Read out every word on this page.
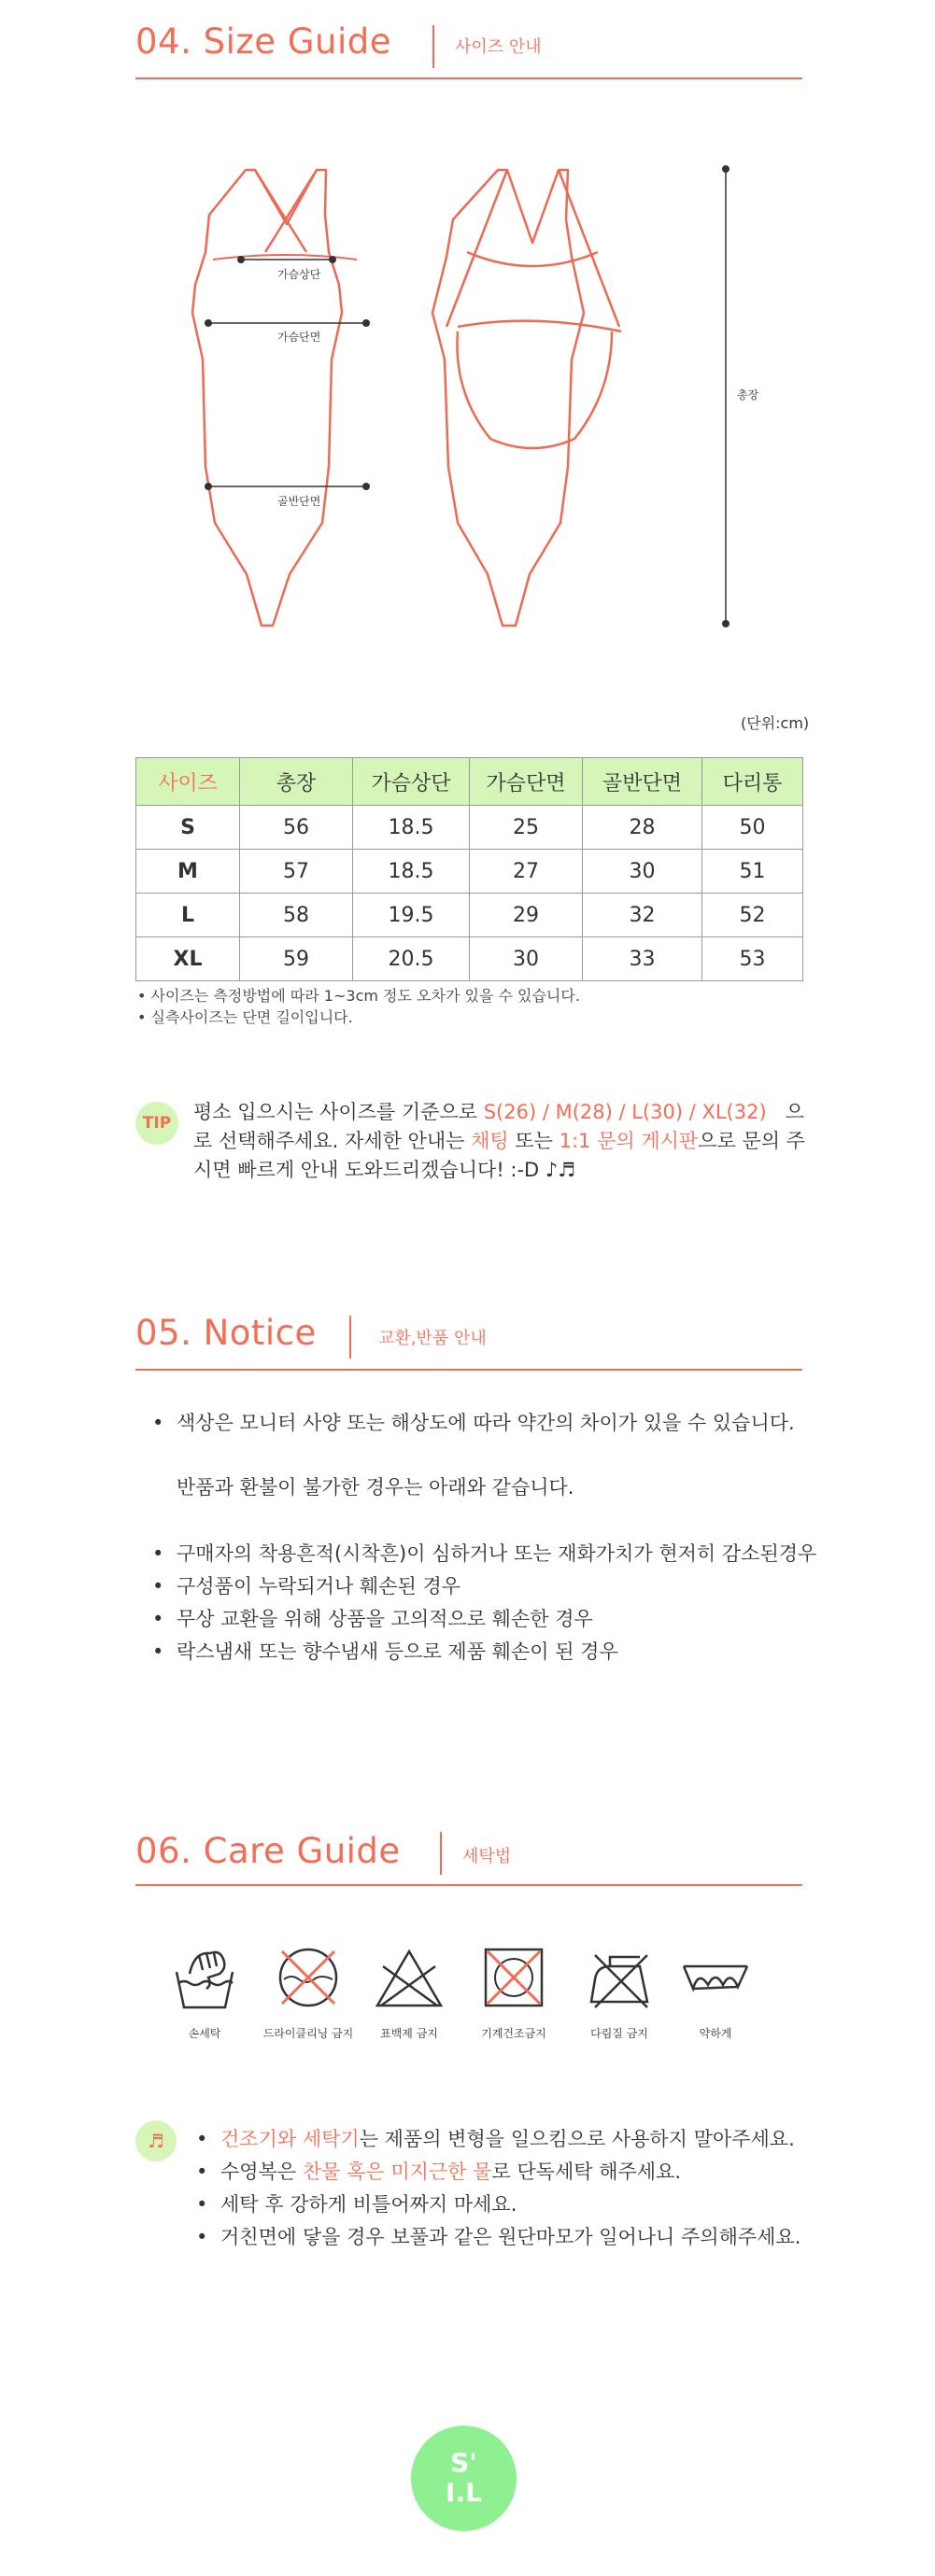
04. Size Guide	사이즈 안내
가슴상단
가슴단면
골반단면
총장
(단위:cm)
사이즈	총장	가슴상단	가슴단면	골반단면	다리통
S	56	18.5	25	28	50
M	57	18.5	27	30	51
L	58	19.5	29	32	52
XL	59	20.5	30	33	53
• 사이즈는 측정방법에 따라 1~3cm 정도 오차가 있을 수 있습니다.
• 실측사이즈는 단면 길이입니다.
TIP	평소 입으시는 사이즈를 기준으로 S(26) / M(28) / L(30) / XL(32) 으로 선택해주세요. 자세한 안내는 채팅 또는 1:1 문의 게시판으로 문의 주시면 빠르게 안내 도와드리겠습니다! :-D ♪♬
05. Notice	교환,반품 안내
• 색상은 모니터 사양 또는 해상도에 따라 약간의 차이가 있을 수 있습니다.
반품과 환불이 불가한 경우는 아래와 같습니다.
• 구매자의 착용흔적(시착흔)이 심하거나 또는 재화가치가 현저히 감소된경우
• 구성품이 누락되거나 훼손된 경우
• 무상 교환을 위해 상품을 고의적으로 훼손한 경우
• 락스냄새 또는 향수냄새 등으로 제품 훼손이 된 경우
06. Care Guide	세탁법
손세탁	드라이클리닝 금지	표백제 금지	기계건조금지	다림질 금지	약하게
♬	• 건조기와 세탁기는 제품의 변형을 일으킴으로 사용하지 말아주세요.
• 수영복은 찬물 혹은 미지근한 물로 단독세탁 해주세요.
• 세탁 후 강하게 비틀어짜지 마세요.
• 거친면에 닿을 경우 보풀과 같은 원단마모가 일어나니 주의해주세요.
S'
I.L
